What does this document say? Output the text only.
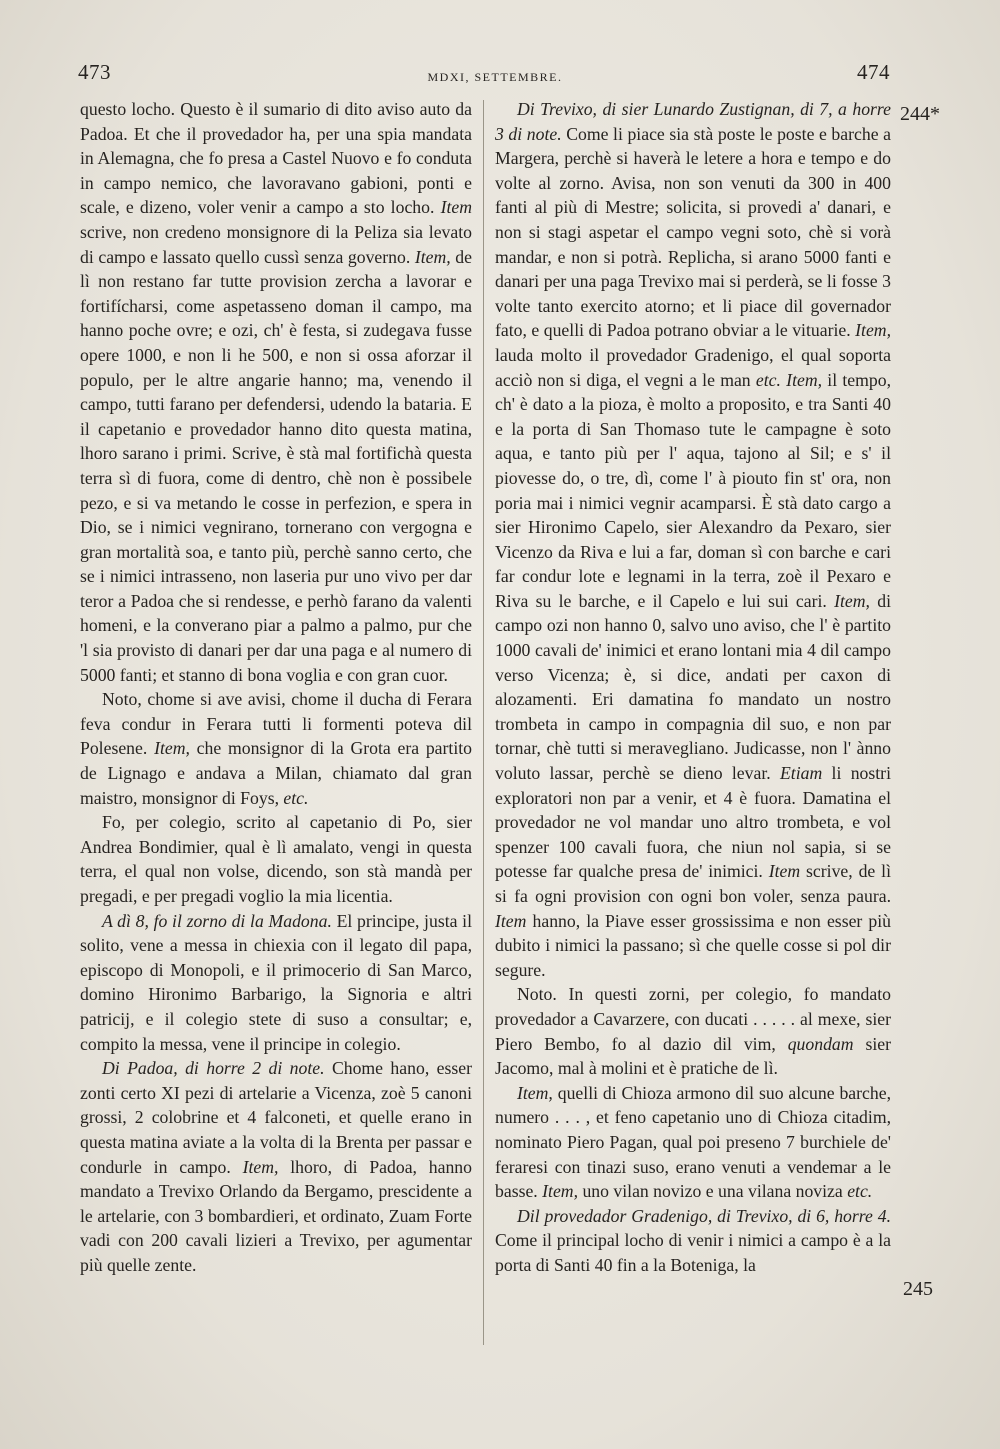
473	MDXI, SETTEMBRE.	474

questo locho. Questo è il sumario di dito aviso auto da Padoa. Et che il provedador ha, per una spia mandata in Alemagna, che fo presa a Castel Nuovo e fo conduta in campo nemico, che lavoravano gabioni, ponti e scale, e dizeno, voler venir a campo a sto locho. Item scrive, non credeno monsignore di la Peliza sia levato di campo e lassato quello cussì senza governo. Item, de lì non restano far tutte provision zercha a lavorar e fortifícharsi, come aspetasseno doman il campo, ma hanno poche ovre; e ozi, ch' è festa, si zudegava fusse opere 1000, e non li he 500, e non si ossa aforzar il populo, per le altre angarie hanno; ma, venendo il campo, tutti farano per defendersi, udendo la bataria. E il capetanio e provedador hanno dito questa matina, lhoro sarano i primi. Scrive, è stà mal fortifichà questa terra sì di fuora, come di dentro, chè non è possibele pezo, e si va metando le cosse in perfezion, e spera in Dio, se i nimici vegnirano, tornerano con vergogna e gran mortalità soa, e tanto più, perchè sanno certo, che se i nimici intrasseno, non laseria pur uno vivo per dar teror a Padoa che si rendesse, e perhò farano da valenti homeni, e la converano piar a palmo a palmo, pur che 'l sia provisto di danari per dar una paga e al numero di 5000 fanti; et stanno di bona voglia e con gran cuor.

Noto, chome si ave avisi, chome il ducha di Ferara feva condur in Ferara tutti li formenti poteva dil Polesene. Item, che monsignor di la Grota era partito de Lignago e andava a Milan, chiamato dal gran maistro, monsignor di Foys, etc.

Fo, per colegio, scrito al capetanio di Po, sier Andrea Bondimier, qual è lì amalato, vengi in questa terra, el qual non volse, dicendo, son stà mandà per pregadi, e per pregadi voglio la mia licentia.

A dì 8, fo il zorno di la Madona. El principe, justa il solito, vene a messa in chiexia con il legato dil papa, episcopo di Monopoli, e il primocerio di San Marco, domino Hironimo Barbarigo, la Signoria e altri patricij, e il colegio stete di suso a consultar; e, compito la messa, vene il principe in colegio.

Di Padoa, di horre 2 di note. Chome hano, esser zonti certo XI pezi di artelarie a Vicenza, zoè 5 canoni grossi, 2 colobrine et 4 falconeti, et quelle erano in questa matina aviate a la volta di la Brenta per passar e condurle in campo. Item, lhoro, di Padoa, hanno mandato a Trevixo Orlando da Bergamo, prescidente a le artelarie, con 3 bombardieri, et ordinato, Zuam Forte vadi con 200 cavali lizieri a Trevixo, per agumentar più quelle zente.

Di Trevixo, di sier Lunardo Zustignan, di 7, a horre 3 di note. Come li piace sia stà poste le poste e barche a Margera, perchè si haverà le letere a hora e tempo e do volte al zorno. Avisa, non son venuti da 300 in 400 fanti al più di Mestre; solicita, si provedi a' danari, e non si stagi aspetar el campo vegni soto, chè si vorà mandar, e non si potrà. Replicha, si arano 5000 fanti e danari per una paga Trevixo mai si perderà, se li fosse 3 volte tanto exercito atorno; et li piace dil governador fato, e quelli di Padoa potrano obviar a le vituarie. Item, lauda molto il provedador Gradenigo, el qual soporta acciò non si diga, el vegni a le man etc. Item, il tempo, ch' è dato a la pioza, è molto a proposito, e tra Santi 40 e la porta di San Thomaso tute le campagne è soto aqua, e tanto più per l' aqua, tajono al Sil; e s' il piovesse do, o tre, dì, come l' à piouto fin st' ora, non poria mai i nimici vegnir acamparsi. È stà dato cargo a sier Hironimo Capelo, sier Alexandro da Pexaro, sier Vicenzo da Riva e lui a far, doman sì con barche e cari far condur lote e legnami in la terra, zoè il Pexaro e Riva su le barche, e il Capelo e lui sui cari. Item, di campo ozi non hanno 0, salvo uno aviso, che l' è partito 1000 cavali de' inimici et erano lontani mia 4 dil campo verso Vicenza; è, si dice, andati per caxon di alozamenti. Eri damatina fo mandato un nostro trombeta in campo in compagnia dil suo, e non par tornar, chè tutti si meravegliano. Judicasse, non l' ànno voluto lassar, perchè se dieno levar. Etiam li nostri exploratori non par a venir, et 4 è fuora. Damatina el provedador ne vol mandar uno altro trombeta, e vol spenzer 100 cavali fuora, che niun nol sapia, si se potesse far qualche presa de' inimici. Item scrive, de lì si fa ogni provision con ogni bon voler, senza paura. Item hanno, la Piave esser grossissima e non esser più dubito i nimici la passano; sì che quelle cosse si pol dir segure.

Noto. In questi zorni, per colegio, fo mandato provedador a Cavarzere, con ducati . . . . . al mexe, sier Piero Bembo, fo al dazio dil vim, quondam sier Jacomo, mal à molini et è pratiche de lì.

Item, quelli di Chioza armono dil suo alcune barche, numero . . . , et feno capetanio uno di Chioza citadim, nominato Piero Pagan, qual poi preseno 7 burchiele de' feraresi con tinazi suso, erano venuti a vendemar a le basse. Item, uno vilan novizo e una vilana noviza etc.

Dil provedador Gradenigo, di Trevixo, di 6, horre 4. Come il principal locho di venir i nimici a campo è a la porta di Santi 40 fin a la Boteniga, la

244*
245
